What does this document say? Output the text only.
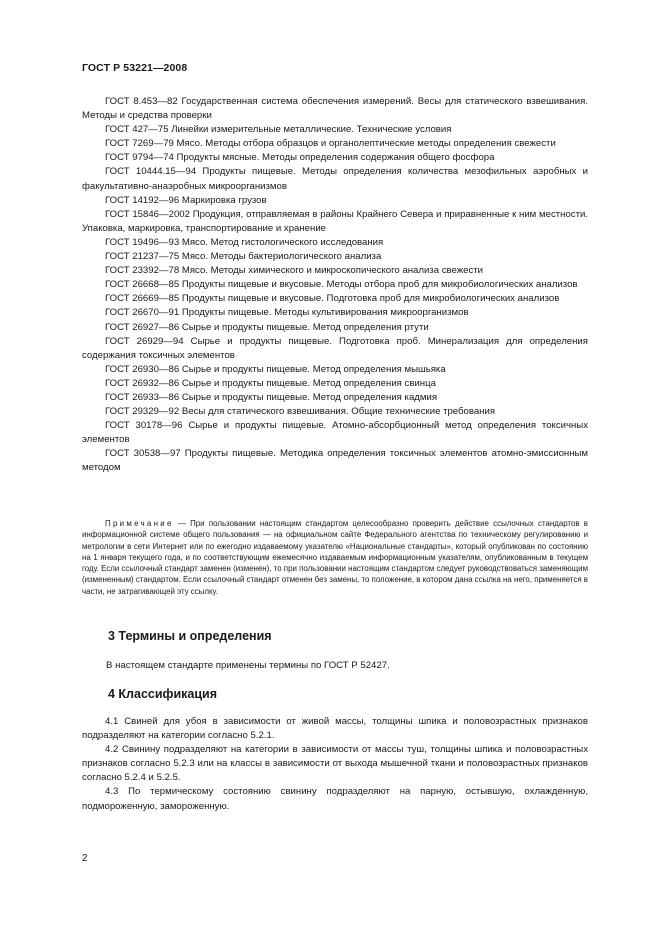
ГОСТ Р 53221—2008

ГОСТ 8.453—82 Государственная система обеспечения измерений. Весы для статического взвешивания. Методы и средства проверки

ГОСТ 427—75 Линейки измерительные металлические. Технические условия

ГОСТ 7269—79 Мясо. Методы отбора образцов и органолептические методы определения свежести

ГОСТ 9794—74 Продукты мясные. Методы определения содержания общего фосфора

ГОСТ 10444.15—94 Продукты пищевые. Методы определения количества мезофильных аэробных и факультативно-анаэробных микроорганизмов

ГОСТ 14192—96 Маркировка грузов

ГОСТ 15846—2002 Продукция, отправляемая в районы Крайнего Севера и приравненные к ним местности. Упаковка, маркировка, транспортирование и хранение

ГОСТ 19496—93 Мясо. Метод гистологического исследования

ГОСТ 21237—75 Мясо. Методы бактериологического анализа

ГОСТ 23392—78 Мясо. Методы химического и микроскопического анализа свежести

ГОСТ 26668—85 Продукты пищевые и вкусовые. Методы отбора проб для микробиологических анализов

ГОСТ 26669—85 Продукты пищевые и вкусовые. Подготовка проб для микробиологических анализов

ГОСТ 26670—91 Продукты пищевые. Методы культивирования микроорганизмов

ГОСТ 26927—86 Сырье и продукты пищевые. Метод определения ртути

ГОСТ 26929—94 Сырье и продукты пищевые. Подготовка проб. Минерализация для определения содержания токсичных элементов

ГОСТ 26930—86 Сырье и продукты пищевые. Метод определения мышьяка

ГОСТ 26932—86 Сырье и продукты пищевые. Метод определения свинца

ГОСТ 26933—86 Сырье и продукты пищевые. Метод определения кадмия

ГОСТ 29329—92 Весы для статического взвешивания. Общие технические требования

ГОСТ 30178—96 Сырье и продукты пищевые. Атомно-абсорбционный метод определения токсичных элементов

ГОСТ 30538—97 Продукты пищевые. Методика определения токсичных элементов атомно-эмиссионным методом

Примечание — При пользовании настоящим стандартом целесообразно проверить действие ссылочных стандартов в информационной системе общего пользования — на официальном сайте Федерального агентства по техническому регулированию и метрологии в сети Интернет или по ежегодно издаваемому указателю «Национальные стандарты», который опубликован по состоянию на 1 января текущего года, и по соответствующим ежемесячно издаваемым информационным указателям, опубликованным в текущем году. Если ссылочный стандарт заменен (изменен), то при пользовании настоящим стандартом следует руководствоваться заменяющим (измененным) стандартом. Если ссылочный стандарт отменен без замены, то положение, в котором дана ссылка на него, применяется в части, не затрагивающей эту ссылку.

3 Термины и определения

В настоящем стандарте применены термины по ГОСТ Р 52427.

4 Классификация

4.1 Свиней для убоя в зависимости от живой массы, толщины шпика и половозрастных признаков подразделяют на категории согласно 5.2.1.

4.2 Свинину подразделяют на категории в зависимости от массы туш, толщины шпика и половозрастных признаков согласно 5.2.3 или на классы в зависимости от выхода мышечной ткани и половозрастных признаков согласно 5.2.4 и 5.2.5.

4.3 По термическому состоянию свинину подразделяют на парную, остывшую, охлажденную, подмороженную, замороженную.

2
